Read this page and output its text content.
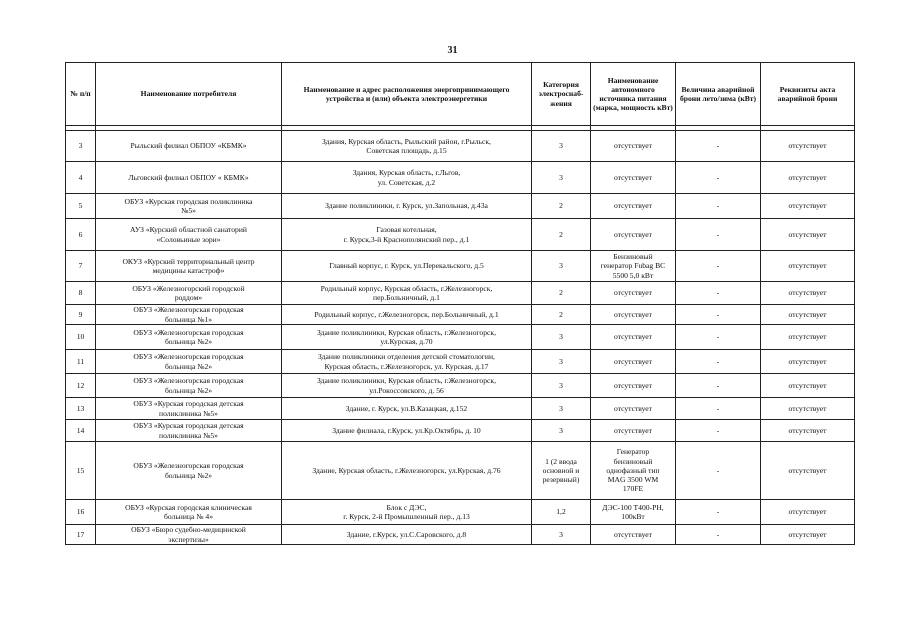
31
№ п/п	Наименование потребителя	Наименование и адрес расположения энергопринимающего устройства и (или) объекта электроэнергетики	Категория электроснаб-жения	Наименование автономного источника питания (марка, мощность кВт)	Величина аварийной брони лето/зима (кВт)	Реквизиты акта аварийной брони

3	Рыльский филиал ОБПОУ «КБМК»	Здания, Курская область, Рыльский район, г.Рыльск,
Советская площадь, д.15	3	отсутствует	-	отсутствует
4	Льговский филиал ОБПОУ « КБМК»	Здания, Курская область, г.Льгов,
ул. Советская, д.2	3	отсутствует	-	отсутствует
5	ОБУЗ «Курская городская поликлиника
№5»	Здание поликлиники, г. Курск, ул.Запольная, д.43а	2	отсутствует	-	отсутствует
6	АУЗ «Курский областной санаторий
«Соловьиные зори»	Газовая котельная,
г. Курск,3-й Краснополянский пер., д.1	2	отсутствует	-	отсутствует
7	ОКУЗ «Курский территориальный центр
медицины катастроф»	Главный корпус, г. Курск, ул.Перекальского, д.5	3	Бензиновый
генератор Fubag BC
5500 5,0 кВт	-	отсутствует
8	ОБУЗ «Железногорский городской
роддом»	Родильный корпус, Курская область, г.Железногорск,
пер.Больничный, д.1	2	отсутствует	-	отсутствует
9	ОБУЗ «Железногорская городская
больница №1»	Родильный корпус, г.Железногорск, пер.Больничный, д.1	2	отсутствует	-	отсутствует
10	ОБУЗ «Железногорская городская
больница №2»	Здание поликлиники, Курская область, г.Железногорск,
ул.Курская, д.70	3	отсутствует	-	отсутствует
11	ОБУЗ «Железногорская городская
больница №2»	Здание поликлиники отделения детской стоматологии,
Курская область, г.Железногорск, ул. Курская, д.17	3	отсутствует	-	отсутствует
12	ОБУЗ «Железногорская городская
больница №2»	Здание поликлиники, Курская область, г.Железногорск,
ул.Рокоссовского, д. 56	3	отсутствует	-	отсутствует
13	ОБУЗ «Курская городская детская
поликлиника №5»	Здание, г. Курск, ул.В.Казацкая, д.152	3	отсутствует	-	отсутствует
14	ОБУЗ «Курская городская детская
поликлиника №5»	Здание филиала, г.Курск, ул.Кр.Октябрь, д. 10	3	отсутствует	-	отсутствует
15	ОБУЗ «Железногорская городская
больница №2»	Здание, Курская область, г.Железногорск, ул.Курская, д.76	1 (2 ввода
основной и
резервный)	Генератор
бензиновый
однофазный тип
MAG 3500 WM
170FE	-	отсутствует
16	ОБУЗ «Курская городская клиническая
больница № 4»	Блок с ДЭС,
г. Курск, 2-й Промышленный пер., д.13	1,2	ДЭС-100 Т400-РН,
100кВт	-	отсутствует
17	ОБУЗ «Бюро судебно-медицинской
экспертизы»	Здание, г.Курск, ул.С.Саровского, д.8	3	отсутствует	-	отсутствует
